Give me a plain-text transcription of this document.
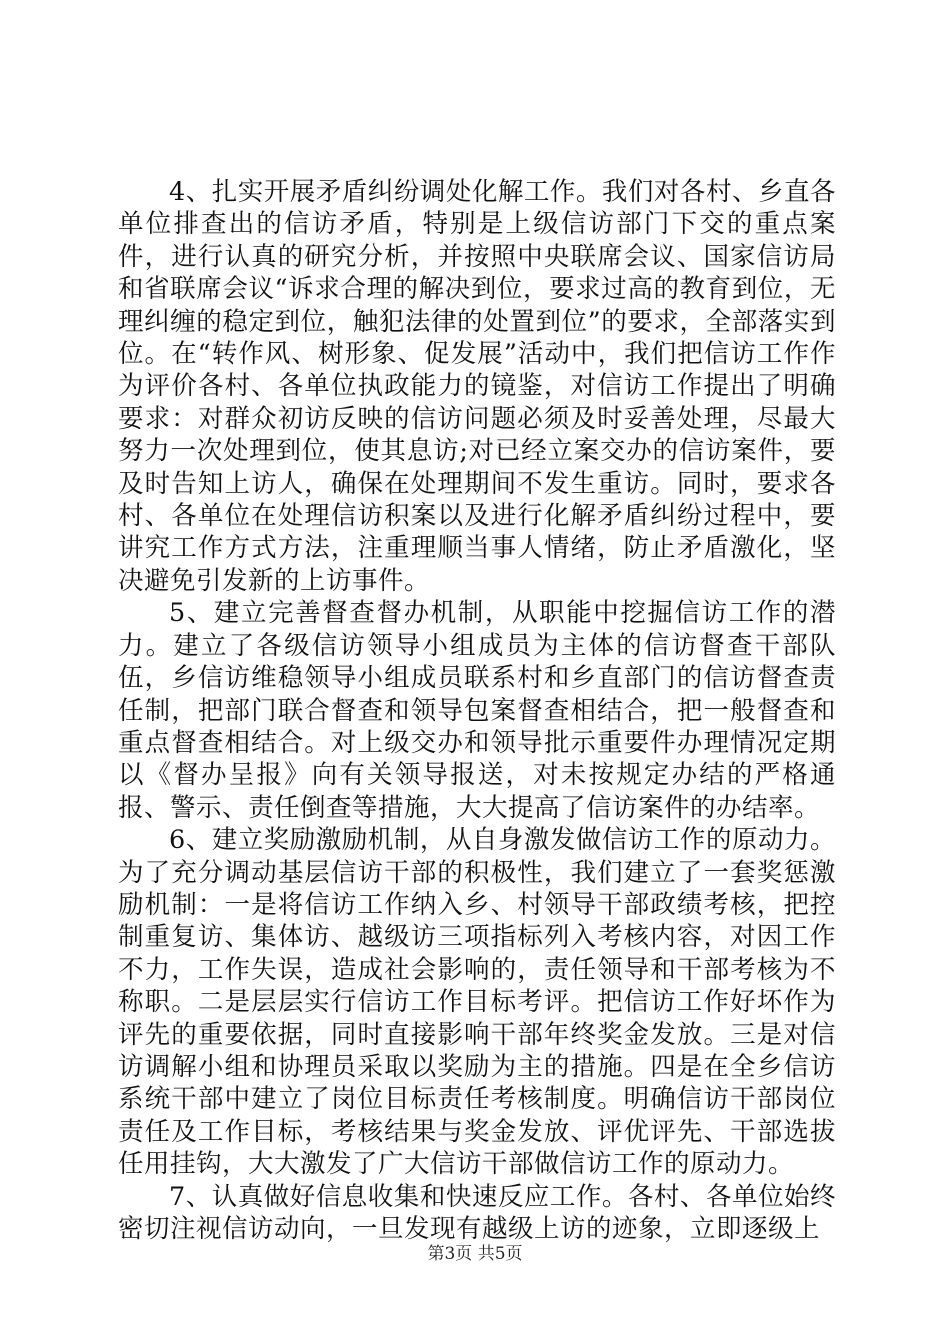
4、扎实开展矛盾纠纷调处化解工作。我们对各村、乡直各单位排查出的信访矛盾，特别是上级信访部门下交的重点案件，进行认真的研究分析，并按照中央联席会议、国家信访局和省联席会议“诉求合理的解决到位，要求过高的教育到位，无理纠缠的稳定到位，触犯法律的处置到位”的要求，全部落实到位。在“转作风、树形象、促发展”活动中，我们把信访工作作为评价各村、各单位执政能力的镜鉴，对信访工作提出了明确要求：对群众初访反映的信访问题必须及时妥善处理，尽最大努力一次处理到位，使其息访;对已经立案交办的信访案件，要及时告知上访人，确保在处理期间不发生重访。同时，要求各村、各单位在处理信访积案以及进行化解矛盾纠纷过程中，要讲究工作方式方法，注重理顺当事人情绪，防止矛盾激化，坚决避免引发新的上访事件。

5、建立完善督查督办机制，从职能中挖掘信访工作的潜力。建立了各级信访领导小组成员为主体的信访督查干部队伍，乡信访维稳领导小组成员联系村和乡直部门的信访督查责任制，把部门联合督查和领导包案督查相结合，把一般督查和重点督查相结合。对上级交办和领导批示重要件办理情况定期以《督办呈报》向有关领导报送，对未按规定办结的严格通报、警示、责任倒查等措施，大大提高了信访案件的办结率。

6、建立奖励激励机制，从自身激发做信访工作的原动力。为了充分调动基层信访干部的积极性，我们建立了一套奖惩激励机制：一是将信访工作纳入乡、村领导干部政绩考核，把控制重复访、集体访、越级访三项指标列入考核内容，对因工作不力，工作失误，造成社会影响的，责任领导和干部考核为不称职。二是层层实行信访工作目标考评。把信访工作好坏作为评先的重要依据，同时直接影响干部年终奖金发放。三是对信访调解小组和协理员采取以奖励为主的措施。四是在全乡信访系统干部中建立了岗位目标责任考核制度。明确信访干部岗位责任及工作目标，考核结果与奖金发放、评优评先、干部选拔任用挂钩，大大激发了广大信访干部做信访工作的原动力。

7、认真做好信息收集和快速反应工作。各村、各单位始终密切注视信访动向，一旦发现有越级上访的迹象，立即逐级上

第3页 共5页
